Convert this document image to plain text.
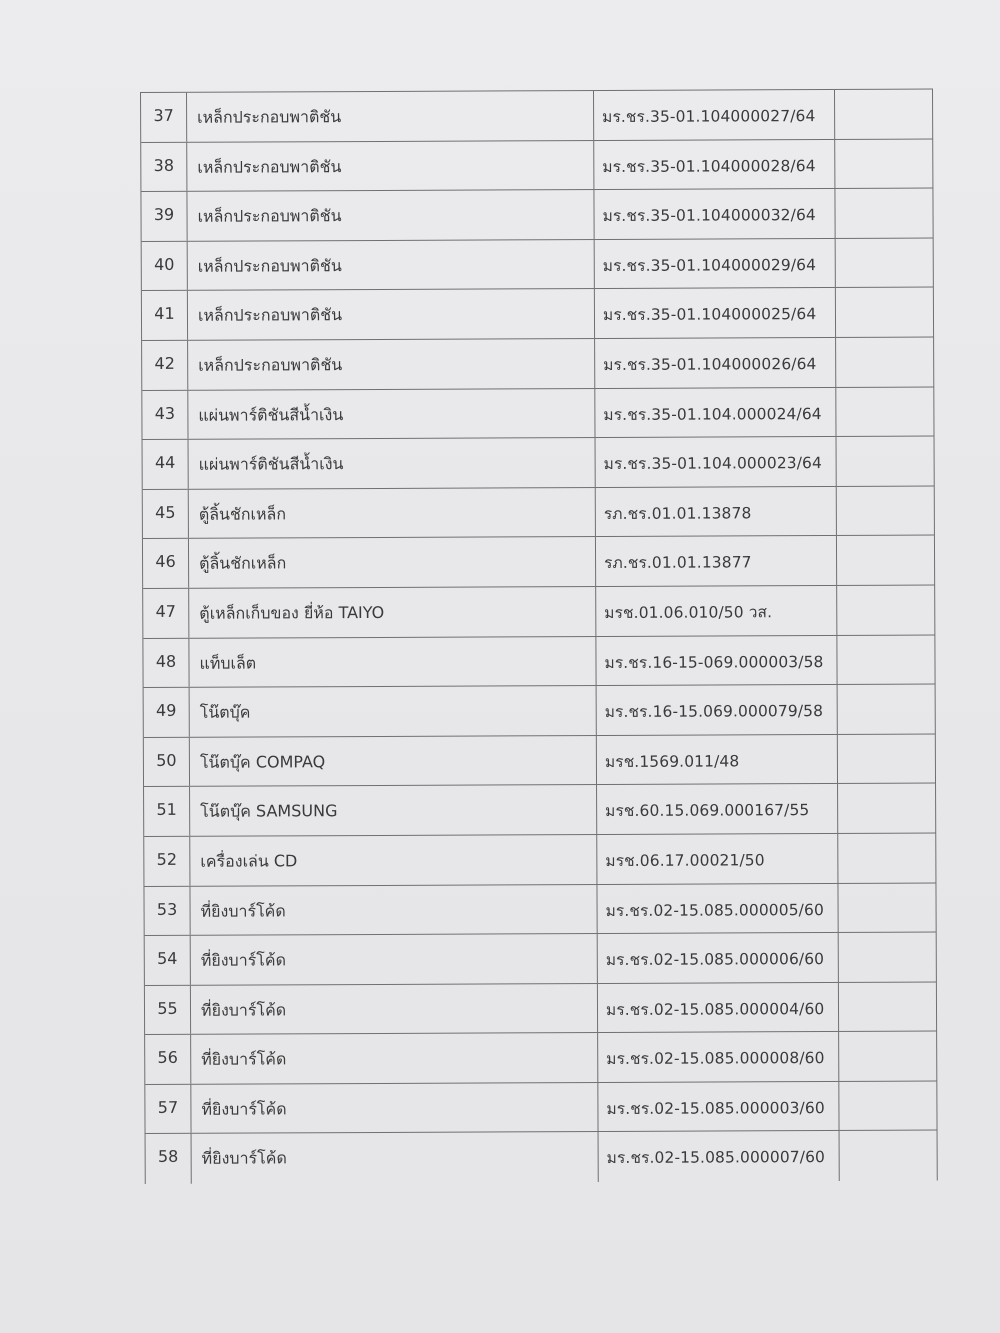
37	เหล็กประกอบพาติชัน	มร.ชร.35-01.104000027/64
38	เหล็กประกอบพาติชัน	มร.ชร.35-01.104000028/64
39	เหล็กประกอบพาติชัน	มร.ชร.35-01.104000032/64
40	เหล็กประกอบพาติชัน	มร.ชร.35-01.104000029/64
41	เหล็กประกอบพาติชัน	มร.ชร.35-01.104000025/64
42	เหล็กประกอบพาติชัน	มร.ชร.35-01.104000026/64
43	แผ่นพาร์ติชันสีน้ำเงิน	มร.ชร.35-01.104.000024/64
44	แผ่นพาร์ติชันสีน้ำเงิน	มร.ชร.35-01.104.000023/64
45	ตู้ลิ้นชักเหล็ก	รภ.ชร.01.01.13878
46	ตู้ลิ้นชักเหล็ก	รภ.ชร.01.01.13877
47	ตู้เหล็กเก็บของ ยี่ห้อ TAIYO	มรช.01.06.010/50 วส.
48	แท็บเล็ต	มร.ชร.16-15-069.000003/58
49	โน๊ตบุ๊ค	มร.ชร.16-15.069.000079/58
50	โน๊ตบุ๊ค COMPAQ	มรช.1569.011/48
51	โน๊ตบุ๊ค SAMSUNG	มรช.60.15.069.000167/55
52	เครื่องเล่น CD	มรช.06.17.00021/50
53	ที่ยิงบาร์โค้ด	มร.ชร.02-15.085.000005/60
54	ที่ยิงบาร์โค้ด	มร.ชร.02-15.085.000006/60
55	ที่ยิงบาร์โค้ด	มร.ชร.02-15.085.000004/60
56	ที่ยิงบาร์โค้ด	มร.ชร.02-15.085.000008/60
57	ที่ยิงบาร์โค้ด	มร.ชร.02-15.085.000003/60
58	ที่ยิงบาร์โค้ด	มร.ชร.02-15.085.000007/60
